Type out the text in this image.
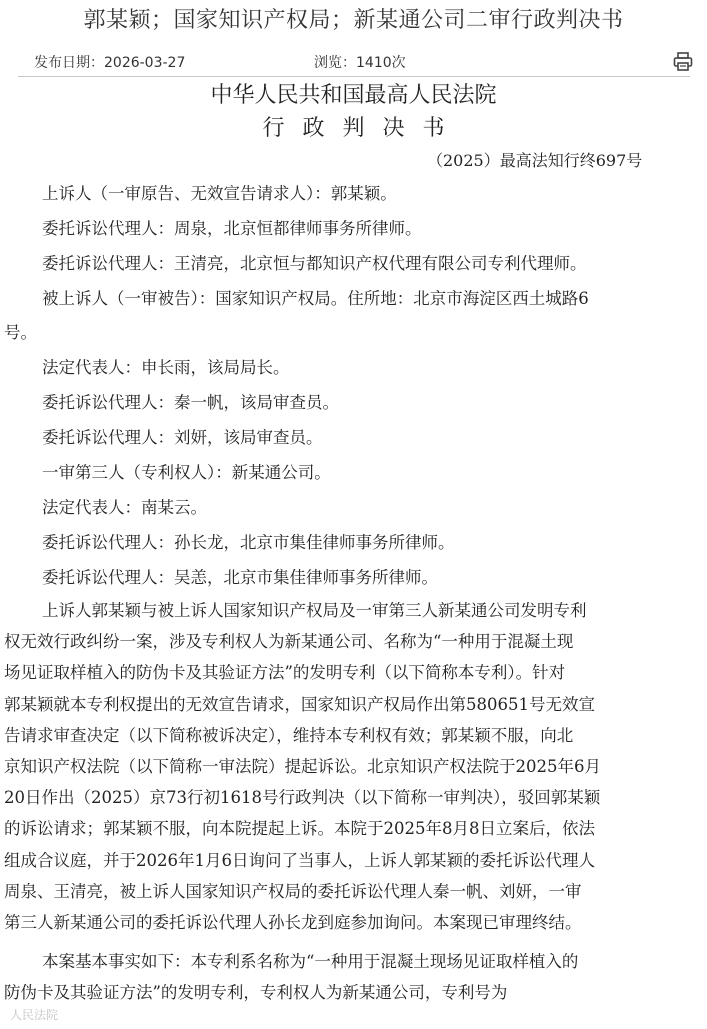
郭某颖；国家知识产权局；新某通公司二审行政判决书
发布日期：2026-03-27	浏览：1410次
中华人民共和国最高人民法院
行政判决书
（2025）最高法知行终697号
上诉人（一审原告、无效宣告请求人）：郭某颖。
委托诉讼代理人：周泉，北京恒都律师事务所律师。
委托诉讼代理人：王清亮，北京恒与都知识产权代理有限公司专利代理师。
被上诉人（一审被告）：国家知识产权局。住所地：北京市海淀区西土城路6
号。
法定代表人：申长雨，该局局长。
委托诉讼代理人：秦一帆，该局审查员。
委托诉讼代理人：刘妍，该局审查员。
一审第三人（专利权人）：新某通公司。
法定代表人：南某云。
委托诉讼代理人：孙长龙，北京市集佳律师事务所律师。
委托诉讼代理人：吴恙，北京市集佳律师事务所律师。
上诉人郭某颖与被上诉人国家知识产权局及一审第三人新某通公司发明专利
权无效行政纠纷一案，涉及专利权人为新某通公司、名称为“一种用于混凝土现
场见证取样植入的防伪卡及其验证方法”的发明专利（以下简称本专利）。针对
郭某颖就本专利权提出的无效宣告请求，国家知识产权局作出第580651号无效宣
告请求审查决定（以下简称被诉决定），维持本专利权有效；郭某颖不服，向北
京知识产权法院（以下简称一审法院）提起诉讼。北京知识产权法院于2025年6月
20日作出（2025）京73行初1618号行政判决（以下简称一审判决），驳回郭某颖
的诉讼请求；郭某颖不服，向本院提起上诉。本院于2025年8月8日立案后，依法
组成合议庭，并于2026年1月6日询问了当事人，上诉人郭某颖的委托诉讼代理人
周泉、王清亮，被上诉人国家知识产权局的委托诉讼代理人秦一帆、刘妍，一审
第三人新某通公司的委托诉讼代理人孙长龙到庭参加询问。本案现已审理终结。
本案基本事实如下：本专利系名称为“一种用于混凝土现场见证取样植入的
防伪卡及其验证方法”的发明专利，专利权人为新某通公司，专利号为
人民法院
